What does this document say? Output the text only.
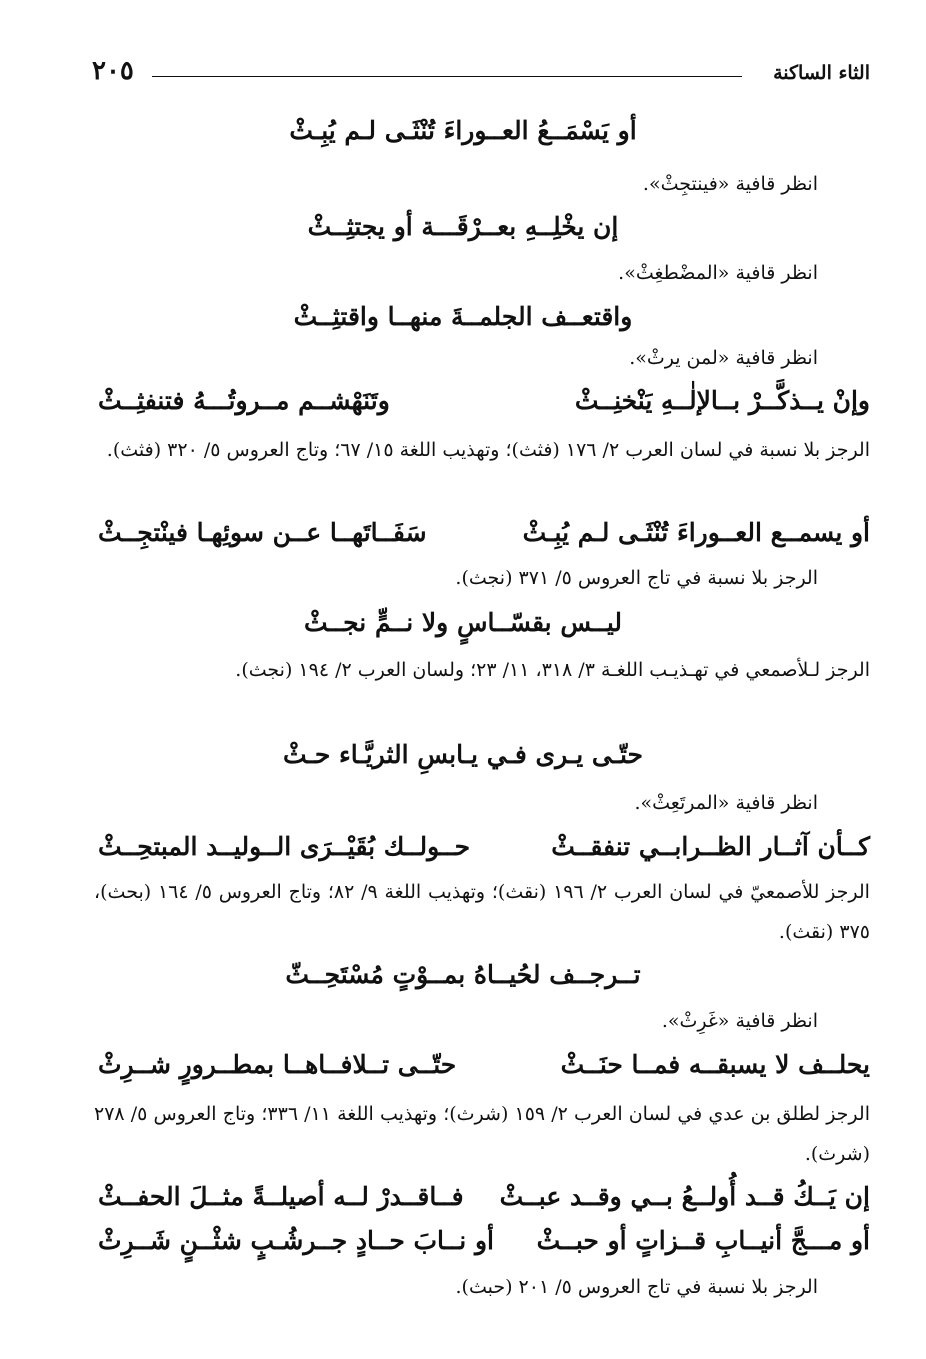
الثاء الساكنة
٢٠٥
أو يَسْمَــعُ العــوراءَ تُنْثَـى لـم يُبِـثْ
انظر قافية «فينتجِثْ».
إن يخْلِــهِ بعــرْقَـــة أو يجتثِــثْ
انظر قافية «المضْطغِثْ».
واقتعــف الجلمــةَ منهــا واقتثِــثْ
انظر قافية «لمن يرثْ».
وإنْ يــذكَّــرْ بــالإلٰــهِ يَنْخنِــثْ
وتَنَهْشــم مــروتُـــهُ فتنفثِــثْ
الرجز بلا نسبة في لسان العرب ٢/ ١٧٦ (فثث)؛ وتهذيب اللغة ١٥/ ٦٧؛ وتاج العروس ٥/ ٣٢٠ (فثث).
أو يسمــع العــوراءَ تُنْثَـى لـم يُبِـثْ
سَفَــاتَهــا عــن سوئِهـا فينْتجِــثْ
الرجز بلا نسبة في تاج العروس ٥/ ٣٧١ (نجث).
ليــس بقسّــاسٍ ولا نــمٍّ نجــثْ
الرجز لـلأصمعي في تهـذيـب اللغـة ٣/ ٣١٨، ١١/ ٢٣؛ ولسان العرب ٢/ ١٩٤ (نجث).
حتّـى يـرى فـي يـابسِ الثريَّـاء حـثْ
انظر قافية «المرتَعِثْ».
كــأن آثــار الظــرابــي تنفقــثْ
حــولــك بُقَيْــرَى الــوليــد المبتحِــثْ
الرجز للأصمعيّ في لسان العرب ٢/ ١٩٦ (نقث)؛ وتهذيب اللغة ٩/ ٨٢؛ وتاج العروس ٥/ ١٦٤ (بحث)، ٣٧٥ (نقث).
تــرجــف لحُيــاهُ بمــوْتٍ مُسْتَحِــثّ
انظر قافية «غَرِثْ».
يحلــف لا يسبقــه فمــا حنَــثْ
حتّــى تــلافــاهــا بمطــرورٍ شــرِثْ
الرجز لطلق بن عدي في لسان العرب ٢/ ١٥٩ (شرث)؛ وتهذيب اللغة ١١/ ٣٣٦؛ وتاج العروس ٥/ ٢٧٨ (شرث).
إن يَــكُ قــد أُولــعُ بــي وقــد عبــثْ
فــاقــدرْ لــه أصيلــةً مثــلَ الحفــثْ
أو مـــجَّ أنيــابِ قــزاتٍ أو حبــثْ
أو نــابَ حــادٍ جــرشُـبٍ شثْــنٍ شَــرِثْ
الرجز بلا نسبة في تاج العروس ٥/ ٢٠١ (حبث).
